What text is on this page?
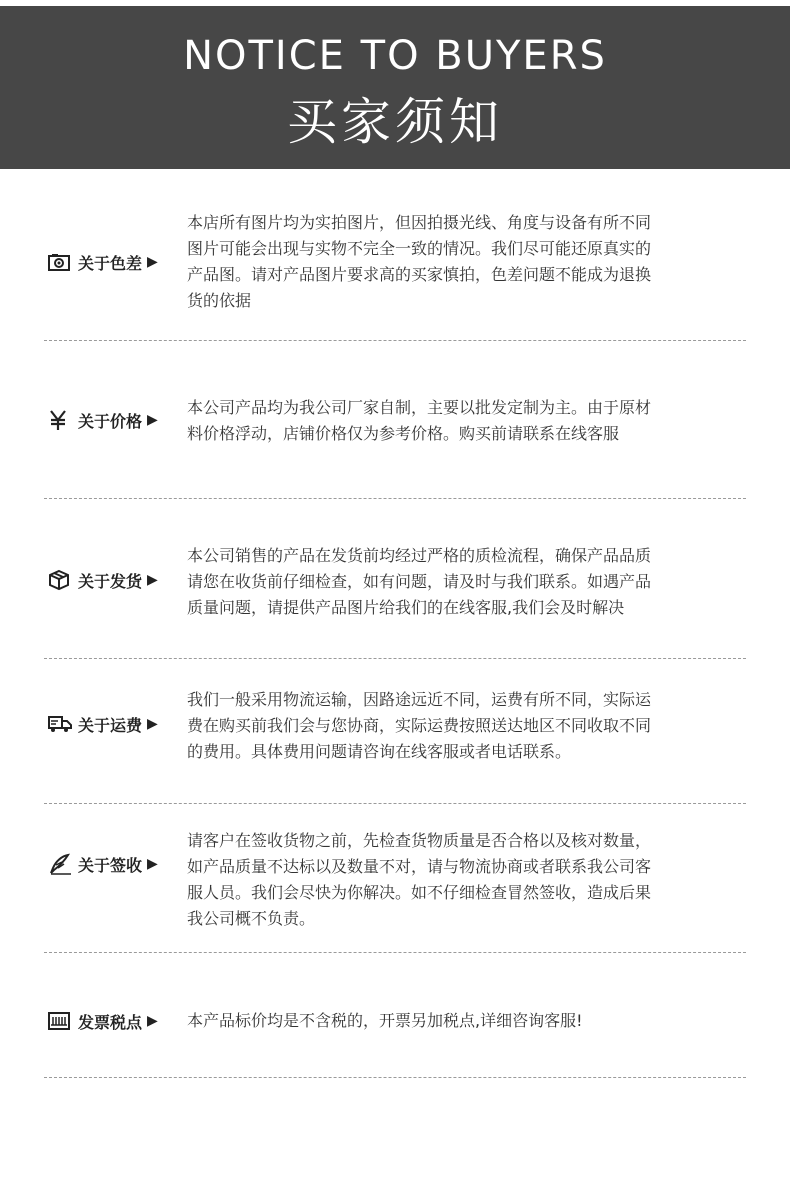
NOTICE TO BUYERS
买家须知
关于色差 ▶
本店所有图片均为实拍图片，但因拍摄光线、角度与设备有所不同
图片可能会出现与实物不完全一致的情况。我们尽可能还原真实的
产品图。请对产品图片要求高的买家慎拍，色差问题不能成为退换
货的依据
关于价格 ▶
本公司产品均为我公司厂家自制，主要以批发定制为主。由于原材
料价格浮动，店铺价格仅为参考价格。购买前请联系在线客服
关于发货 ▶
本公司销售的产品在发货前均经过严格的质检流程，确保产品品质
请您在收货前仔细检查，如有问题，请及时与我们联系。如遇产品
质量问题，请提供产品图片给我们的在线客服,我们会及时解决
关于运费 ▶
我们一般采用物流运输，因路途远近不同，运费有所不同，实际运
费在购买前我们会与您协商，实际运费按照送达地区不同收取不同
的费用。具体费用问题请咨询在线客服或者电话联系。
关于签收 ▶
请客户在签收货物之前，先检查货物质量是否合格以及核对数量，
如产品质量不达标以及数量不对，请与物流协商或者联系我公司客
服人员。我们会尽快为你解决。如不仔细检查冒然签收，造成后果
我公司概不负责。
发票税点 ▶ 本产品标价均是不含税的，开票另加税点,详细咨询客服!
